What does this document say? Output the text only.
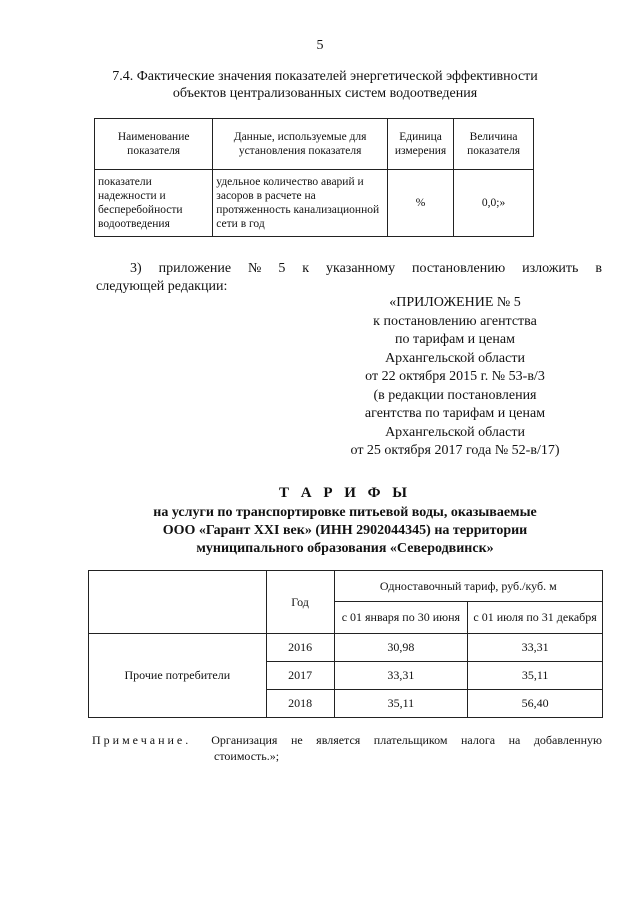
5
7.4. Фактические значения показателей энергетической эффективности
объектов централизованных систем водоотведения
Наименование показателя	Данные, используемые для установления показателя	Единица измерения	Величина показателя
показатели надежности и бесперебойности водоотведения	удельное количество аварий и засоров в расчете на протяженность канализационной сети в год	%	0,0;»
3) приложение № 5 к указанному постановлению изложить в
следующей редакции:
«ПРИЛОЖЕНИЕ № 5
к постановлению агентства
по тарифам и ценам
Архангельской области
от 22 октября 2015 г. № 53-в/3
(в редакции постановления
агентства по тарифам и ценам
Архангельской области
от 25 октября 2017 года № 52-в/17)
Т А Р И Ф Ы
на услуги по транспортировке питьевой воды, оказываемые
ООО «Гарант XXI век» (ИНН 2902044345) на территории
муниципального образования «Северодвинск»
	Год	Одноставочный тариф, руб./куб. м	
		с 01 января по 30 июня	с 01 июля по 31 декабря
Прочие потребители	2016	30,98	33,31
	2017	33,31	35,11
	2018	35,11	56,40
Примечание. Организация не является плательщиком налога на добавленную
стоимость.»;
